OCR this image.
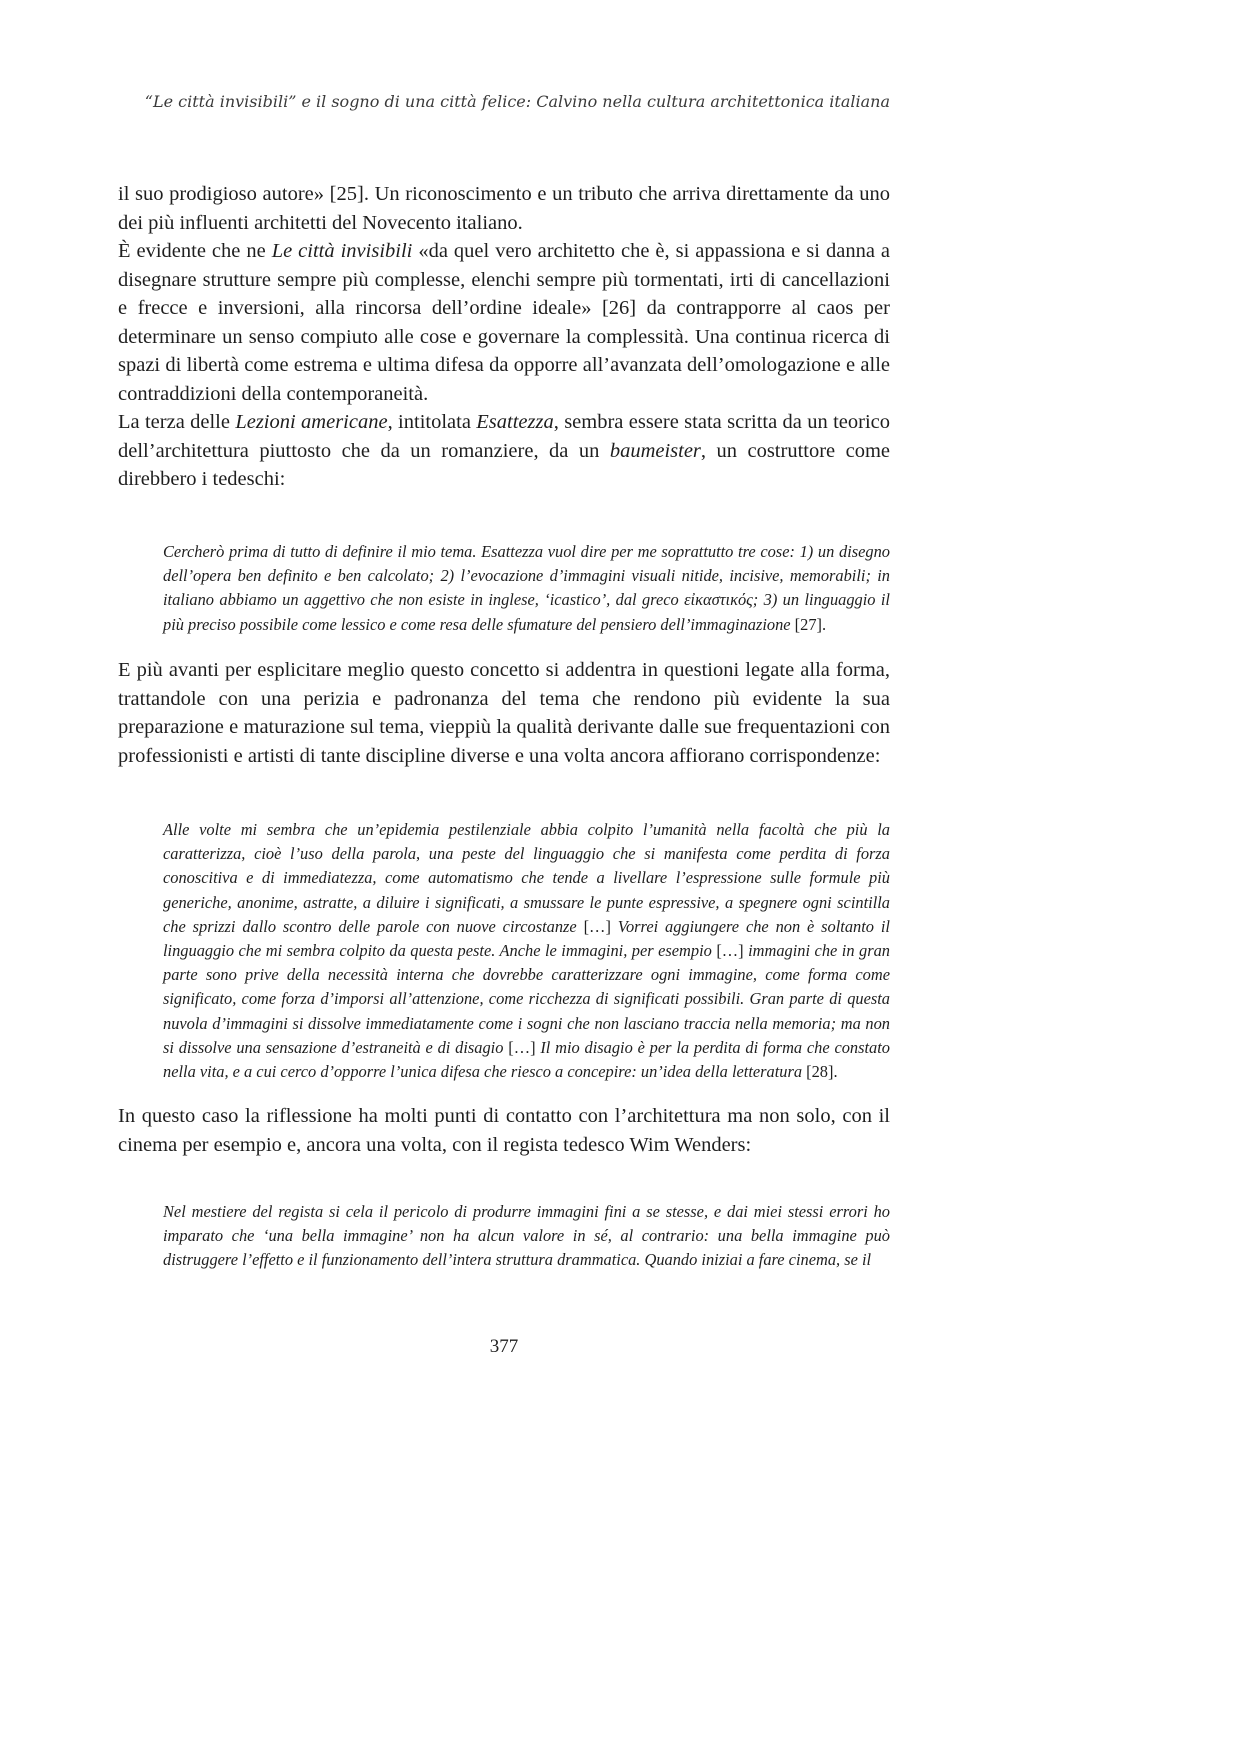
“Le città invisibili” e il sogno di una città felice: Calvino nella cultura architettonica italiana

il suo prodigioso autore» [25]. Un riconoscimento e un tributo che arriva direttamente da uno dei più influenti architetti del Novecento italiano.

È evidente che ne Le città invisibili «da quel vero architetto che è, si appassiona e si danna a disegnare strutture sempre più complesse, elenchi sempre più tormentati, irti di cancellazioni e frecce e inversioni, alla rincorsa dell’ordine ideale» [26] da contrapporre al caos per determinare un senso compiuto alle cose e governare la complessità. Una continua ricerca di spazi di libertà come estrema e ultima difesa da opporre all’avanzata dell’omologazione e alle contraddizioni della contemporaneità.

La terza delle Lezioni americane, intitolata Esattezza, sembra essere stata scritta da un teorico dell’architettura piuttosto che da un romanziere, da un baumeister, un costruttore come direbbero i tedeschi:

Cercherò prima di tutto di definire il mio tema. Esattezza vuol dire per me soprattutto tre cose: 1) un disegno dell’opera ben definito e ben calcolato; 2) l’evocazione d’immagini visuali nitide, incisive, memorabili; in italiano abbiamo un aggettivo che non esiste in inglese, ‘icastico’, dal greco εἰκαστικός; 3) un linguaggio il più preciso possibile come lessico e come resa delle sfumature del pensiero dell’immaginazione [27].

E più avanti per esplicitare meglio questo concetto si addentra in questioni legate alla forma, trattandole con una perizia e padronanza del tema che rendono più evidente la sua preparazione e maturazione sul tema, vieppiù la qualità derivante dalle sue frequentazioni con professionisti e artisti di tante discipline diverse e una volta ancora affiorano corrispondenze:

Alle volte mi sembra che un’epidemia pestilenziale abbia colpito l’umanità nella facoltà che più la caratterizza, cioè l’uso della parola, una peste del linguaggio che si manifesta come perdita di forza conoscitiva e di immediatezza, come automatismo che tende a livellare l’espressione sulle formule più generiche, anonime, astratte, a diluire i significati, a smussare le punte espressive, a spegnere ogni scintilla che sprizzi dallo scontro delle parole con nuove circostanze […] Vorrei aggiungere che non è soltanto il linguaggio che mi sembra colpito da questa peste. Anche le immagini, per esempio […] immagini che in gran parte sono prive della necessità interna che dovrebbe caratterizzare ogni immagine, come forma come significato, come forza d’imporsi all’attenzione, come ricchezza di significati possibili. Gran parte di questa nuvola d’immagini si dissolve immediatamente come i sogni che non lasciano traccia nella memoria; ma non si dissolve una sensazione d’estraneità e di disagio […] Il mio disagio è per la perdita di forma che constato nella vita, e a cui cerco d’opporre l’unica difesa che riesco a concepire: un’idea della letteratura [28].

In questo caso la riflessione ha molti punti di contatto con l’architettura ma non solo, con il cinema per esempio e, ancora una volta, con il regista tedesco Wim Wenders:

Nel mestiere del regista si cela il pericolo di produrre immagini fini a se stesse, e dai miei stessi errori ho imparato che ‘una bella immagine’ non ha alcun valore in sé, al contrario: una bella immagine può distruggere l’effetto e il funzionamento dell’intera struttura drammatica. Quando iniziai a fare cinema, se il

377
